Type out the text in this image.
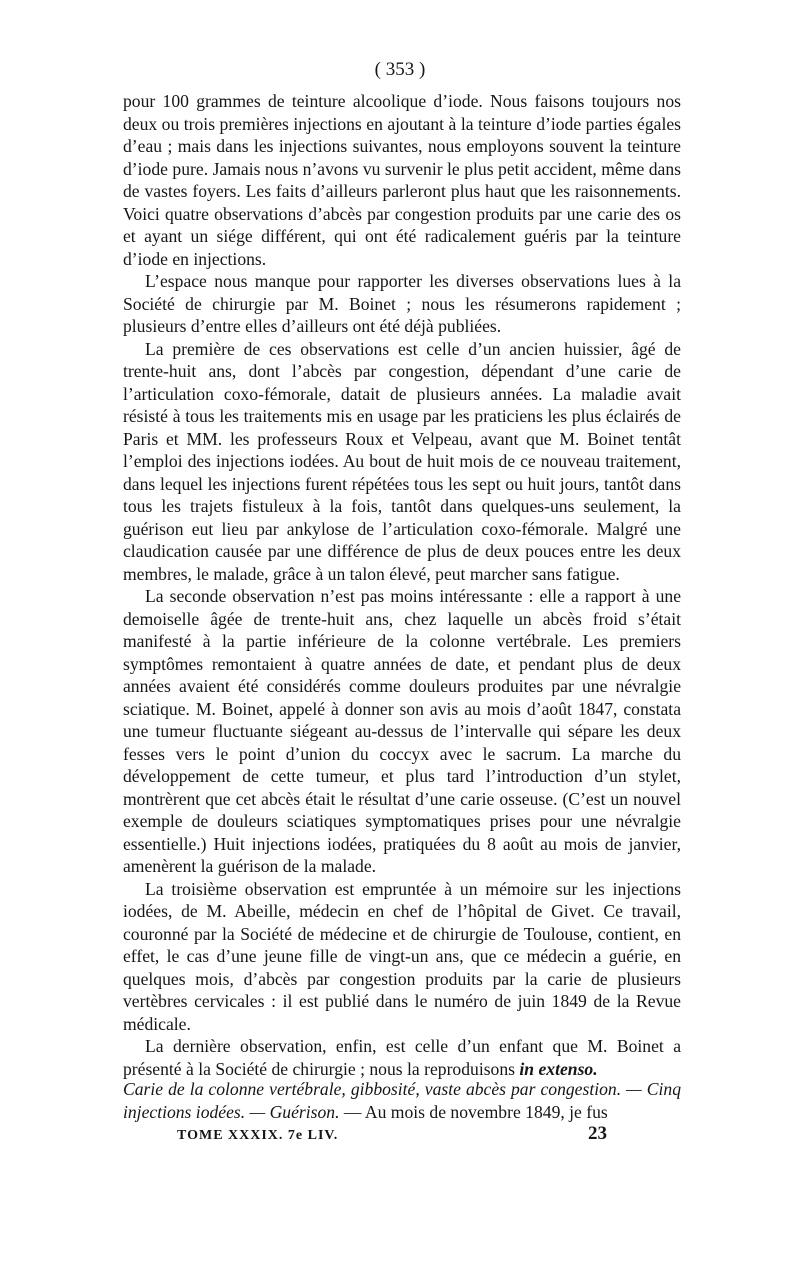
( 353 )

pour 100 grammes de teinture alcoolique d’iode. Nous faisons toujours nos deux ou trois premières injections en ajoutant à la teinture d’iode parties égales d’eau ; mais dans les injections suivantes, nous employons souvent la teinture d’iode pure. Jamais nous n’avons vu survenir le plus petit accident, même dans de vastes foyers. Les faits d’ailleurs parleront plus haut que les raisonnements. Voici quatre observations d’abcès par congestion produits par une carie des os et ayant un siége différent, qui ont été radicalement guéris par la teinture d’iode en injections.

L’espace nous manque pour rapporter les diverses observations lues à la Société de chirurgie par M. Boinet ; nous les résumerons rapidement ; plusieurs d’entre elles d’ailleurs ont été déjà publiées.

La première de ces observations est celle d’un ancien huissier, âgé de trente-huit ans, dont l’abcès par congestion, dépendant d’une carie de l’articulation coxo-fémorale, datait de plusieurs années. La maladie avait résisté à tous les traitements mis en usage par les praticiens les plus éclairés de Paris et MM. les professeurs Roux et Velpeau, avant que M. Boinet tentât l’emploi des injections iodées. Au bout de huit mois de ce nouveau traitement, dans lequel les injections furent répétées tous les sept ou huit jours, tantôt dans tous les trajets fistuleux à la fois, tantôt dans quelques-uns seulement, la guérison eut lieu par ankylose de l’articulation coxo-fémorale. Malgré une claudication causée par une différence de plus de deux pouces entre les deux membres, le malade, grâce à un talon élevé, peut marcher sans fatigue.

La seconde observation n’est pas moins intéressante : elle a rapport à une demoiselle âgée de trente-huit ans, chez laquelle un abcès froid s’était manifesté à la partie inférieure de la colonne vertébrale. Les premiers symptômes remontaient à quatre années de date, et pendant plus de deux années avaient été considérés comme douleurs produites par une névralgie sciatique. M. Boinet, appelé à donner son avis au mois d’août 1847, constata une tumeur fluctuante siégeant au-dessus de l’intervalle qui sépare les deux fesses vers le point d’union du coccyx avec le sacrum. La marche du développement de cette tumeur, et plus tard l’introduction d’un stylet, montrèrent que cet abcès était le résultat d’une carie osseuse. (C’est un nouvel exemple de douleurs sciatiques symptomatiques prises pour une névralgie essentielle.) Huit injections iodées, pratiquées du 8 août au mois de janvier, amenèrent la guérison de la malade.

La troisième observation est empruntée à un mémoire sur les injections iodées, de M. Abeille, médecin en chef de l’hôpital de Givet. Ce travail, couronné par la Société de médecine et de chirurgie de Toulouse, contient, en effet, le cas d’une jeune fille de vingt-un ans, que ce médecin a guérie, en quelques mois, d’abcès par congestion produits par la carie de plusieurs vertèbres cervicales : il est publié dans le numéro de juin 1849 de la Revue médicale.

La dernière observation, enfin, est celle d’un enfant que M. Boinet a présenté à la Société de chirurgie ; nous la reproduisons in extenso.

Carie de la colonne vertébrale, gibbosité, vaste abcès par congestion. — Cinq injections iodées. — Guérison. — Au mois de novembre 1849, je fus
TOME XXXIX. 7e LIV.	23
